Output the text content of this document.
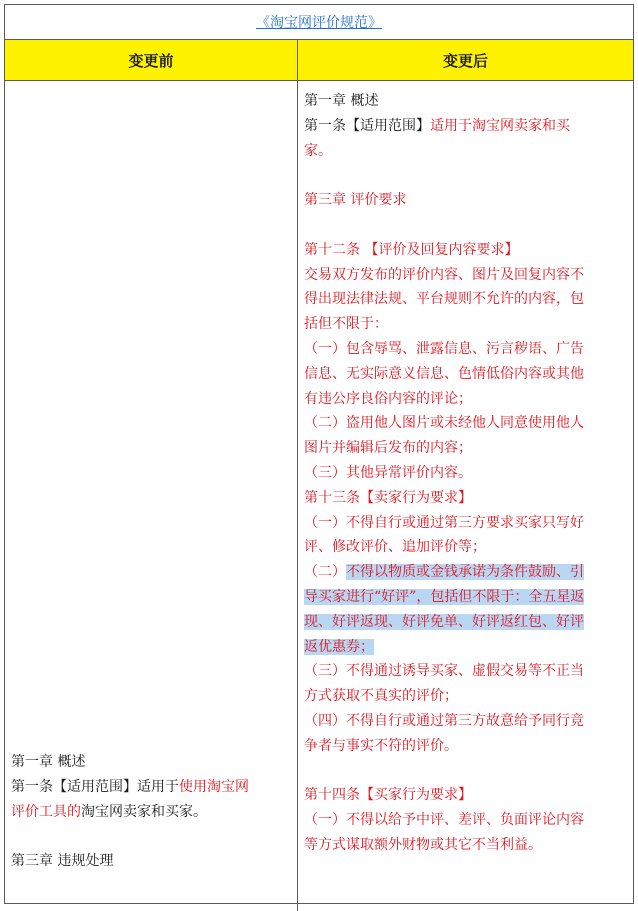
《淘宝网评价规范》
变更前	变更后

第一章 概述

第一条【适用范围】适用于使用淘宝网

评价工具的淘宝网卖家和买家。

第三章 违规处理

第一章 概述

第一条【适用范围】适用于淘宝网卖家和买

家。

第三章 评价要求

第十二条 【评价及回复内容要求】

交易双方发布的评价内容、图片及回复内容不

得出现法律法规、平台规则不允许的内容，包

括但不限于：

（一）包含辱骂、泄露信息、污言秽语、广告

信息、无实际意义信息、色情低俗内容或其他

有违公序良俗内容的评论；

（二）盗用他人图片或未经他人同意使用他人

图片并编辑后发布的内容；

（三）其他异常评价内容。

第十三条【卖家行为要求】

（一）不得自行或通过第三方要求买家只写好

评、修改评价、追加评价等；

（二）不得以物质或金钱承诺为条件鼓励、引

导买家进行“好评”，包括但不限于：全五星返

现、好评返现、好评免单、好评返红包、好评

返优惠券；

（三）不得通过诱导买家、虚假交易等不正当

方式获取不真实的评价；

（四）不得自行或通过第三方故意给予同行竞

争者与事实不符的评价。

第十四条【买家行为要求】

（一）不得以给予中评、差评、负面评论内容

等方式谋取额外财物或其它不当利益。
